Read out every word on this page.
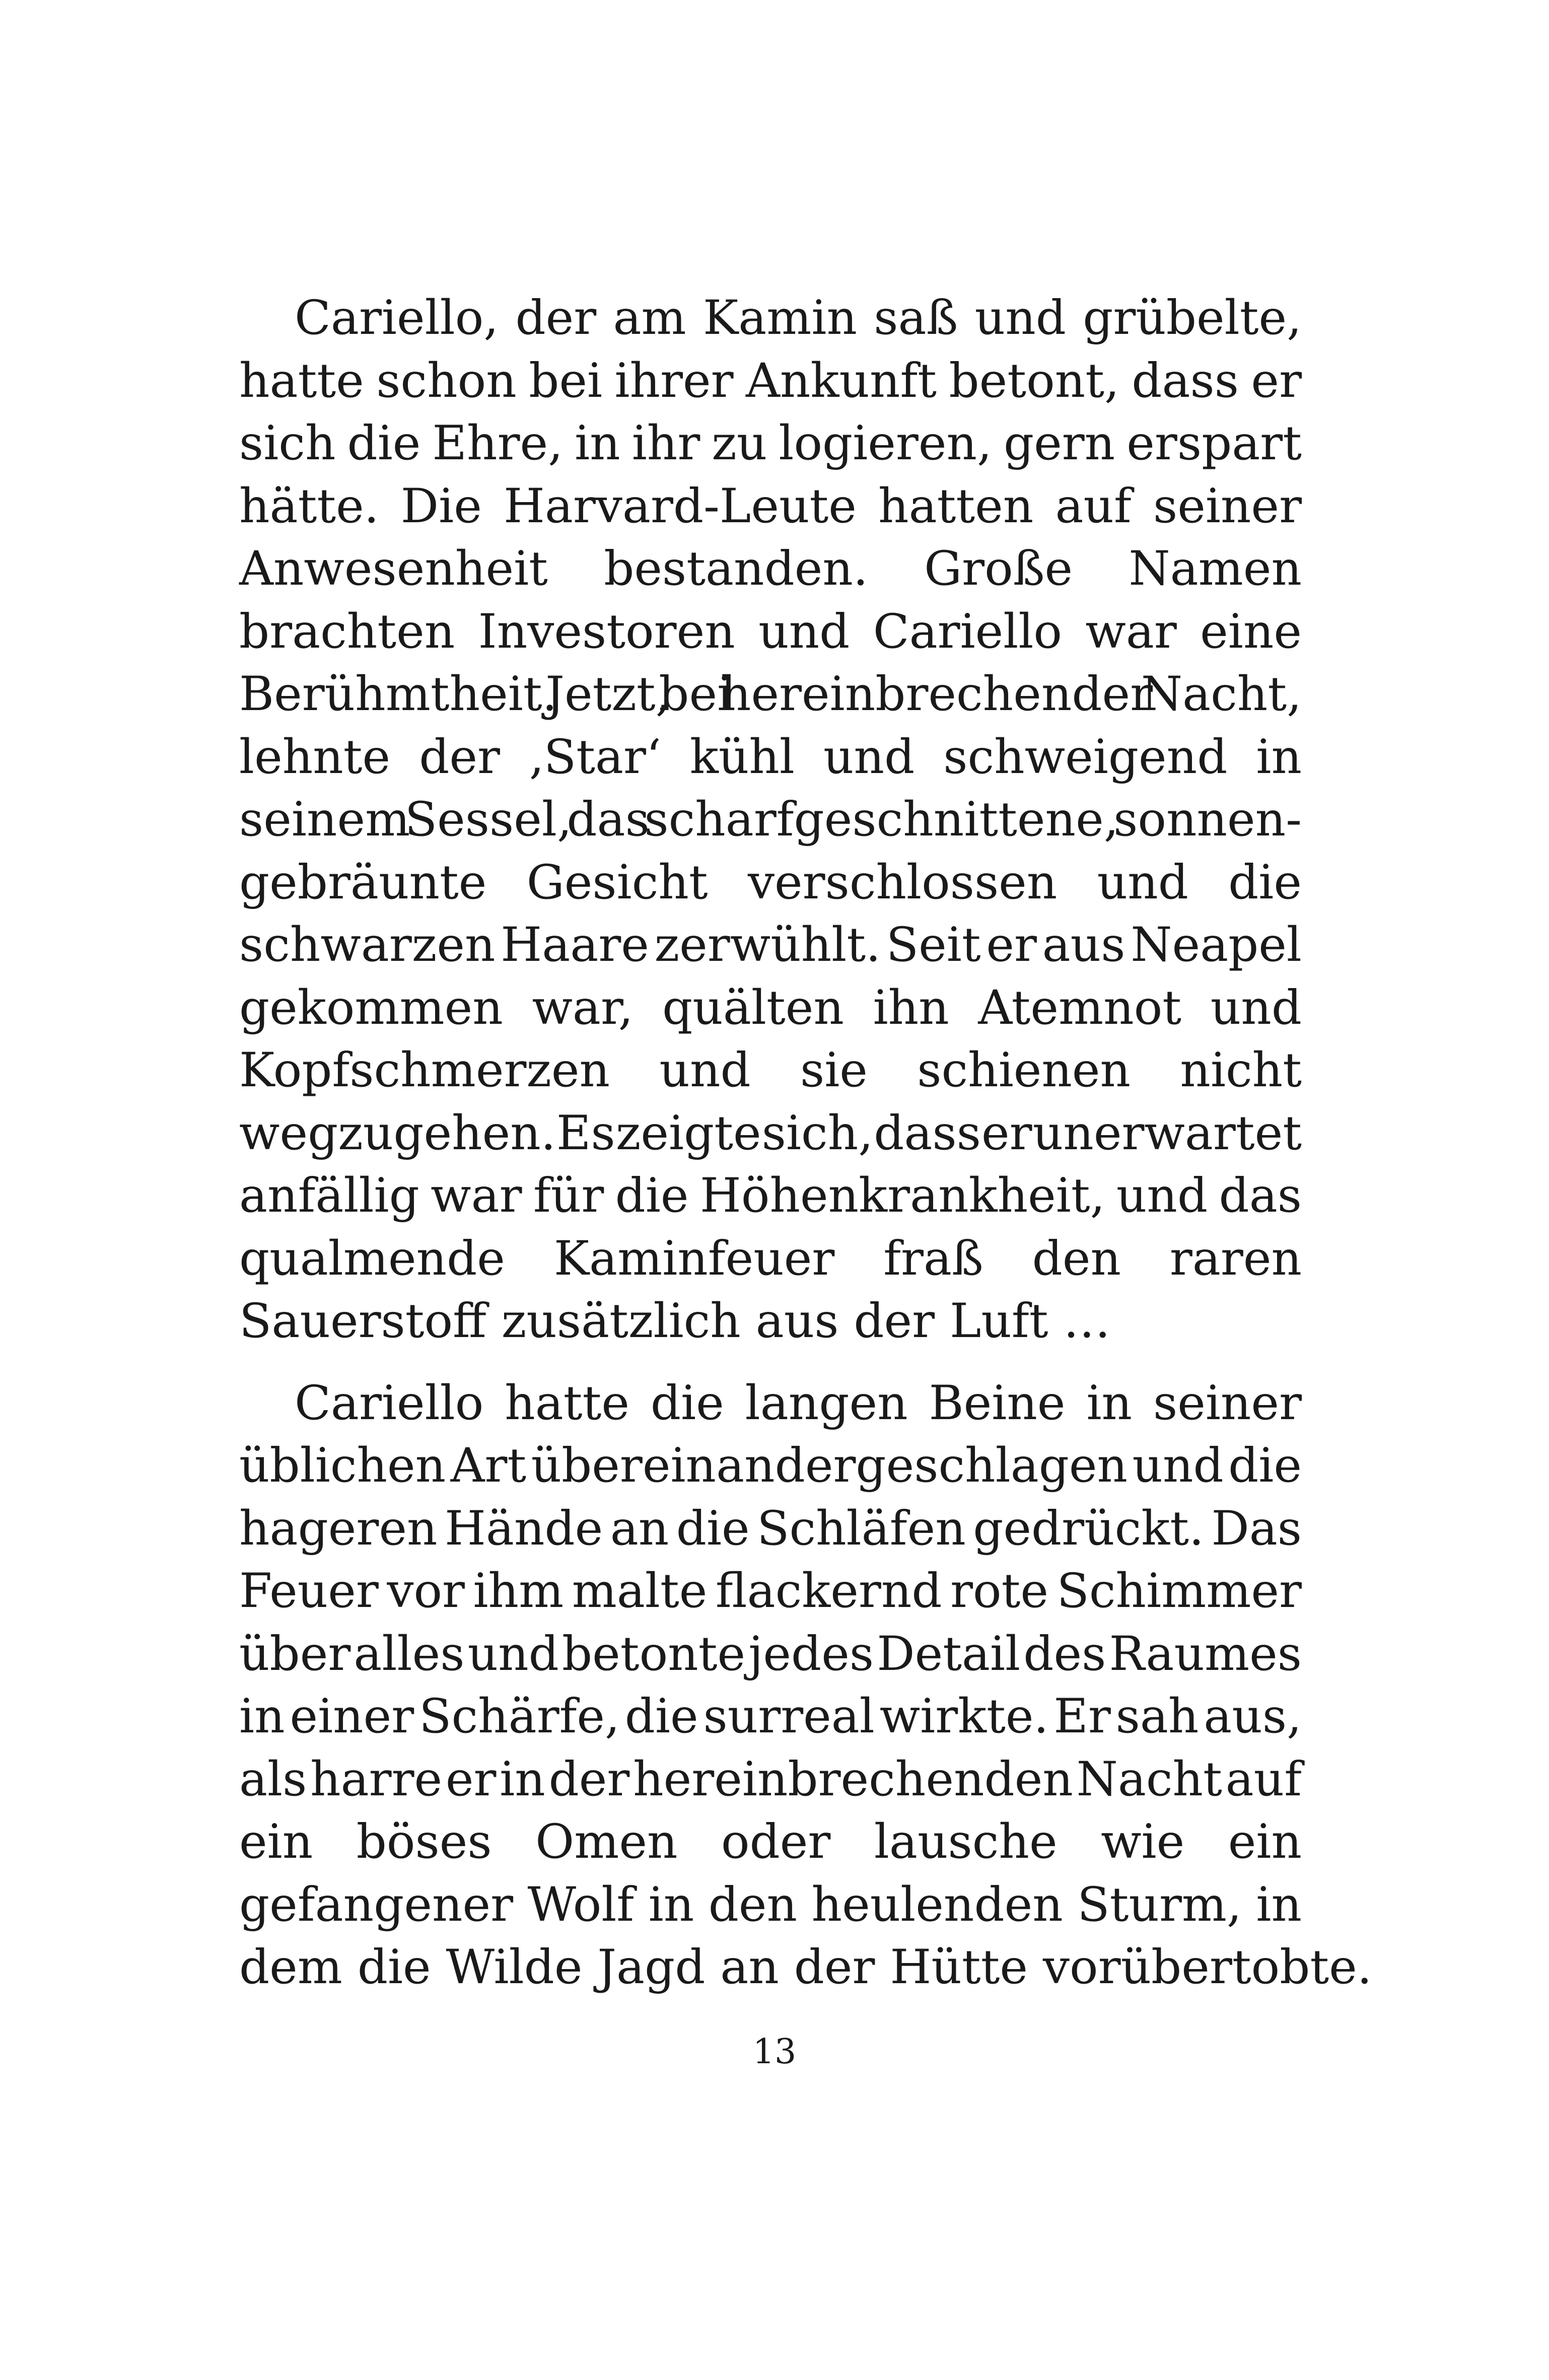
Cariello, der am Kamin saß und grübelte,
hatte schon bei ihrer Ankunft betont, dass er
sich die Ehre, in ihr zu logieren, gern erspart
hätte. Die Harvard-Leute hatten auf seiner
Anwesenheit bestanden. Große Namen
brachten Investoren und Cariello war eine
Berühmtheit. Jetzt, bei hereinbrechender Nacht,
lehnte der ‚Star‘ kühl und schweigend in
seinem Sessel, das scharfgeschnittene, sonnen-
gebräunte Gesicht verschlossen und die
schwarzen Haare zerwühlt. Seit er aus Neapel
gekommen war, quälten ihn Atemnot und
Kopfschmerzen und sie schienen nicht
wegzugehen. Es zeigte sich, dass er unerwartet
anfällig war für die Höhenkrankheit, und das
qualmende Kaminfeuer fraß den raren
Sauerstoff zusätzlich aus der Luft …
Cariello hatte die langen Beine in seiner
üblichen Art übereinandergeschlagen und die
hageren Hände an die Schläfen gedrückt. Das
Feuer vor ihm malte flackernd rote Schimmer
über alles und betonte jedes Detail des Raumes
in einer Schärfe, die surreal wirkte. Er sah aus,
als harre er in der hereinbrechenden Nacht auf
ein böses Omen oder lausche wie ein
gefangener Wolf in den heulenden Sturm, in
dem die Wilde Jagd an der Hütte vorübertobte.
13
